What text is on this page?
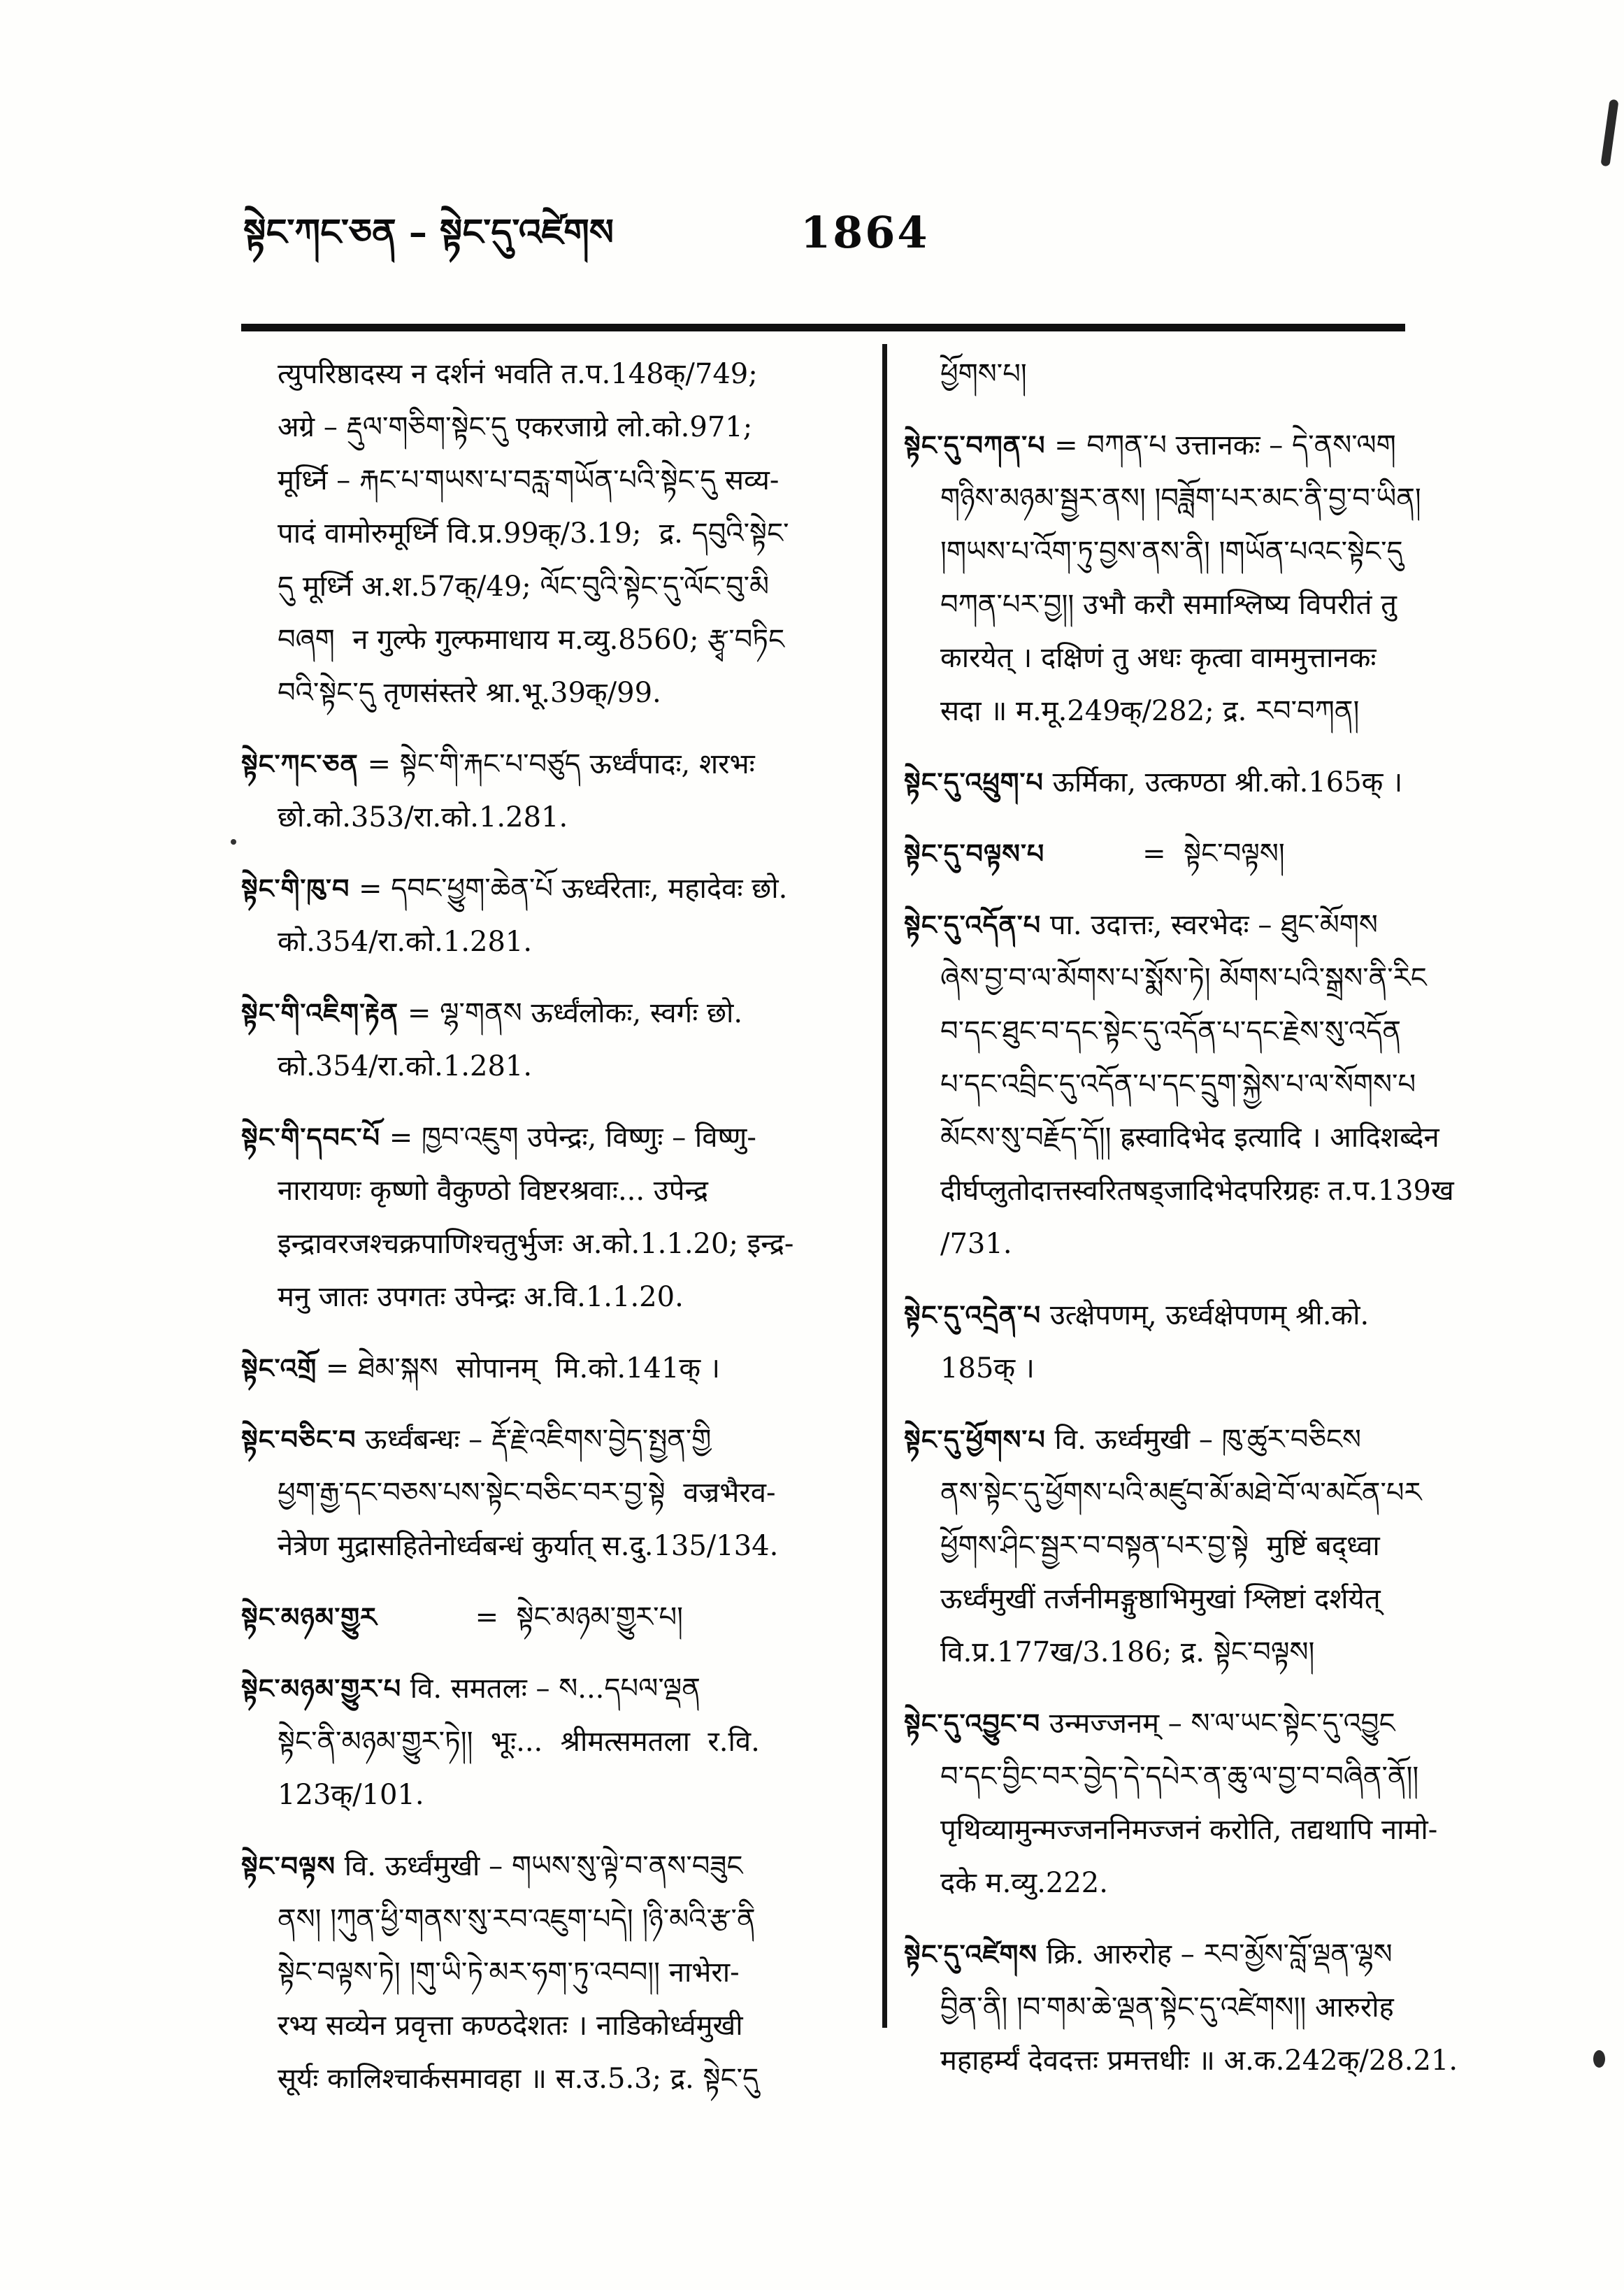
སྟེང་ཀང་ཅན – སྟེང་དུ་འཛེགས	1864
त्युपरिष्ठादस्य न दर्शनं भवति त.प.148क्/749;
अग्रे – རྡུལ་གཅིག་སྟེང་དུ एकरजाग्रे लो.को.971;
मूर्ध्नि – རྐང་པ་གཡས་པ་བརླ་གཡོན་པའི་སྟེང་དུ सव्य-
पादं वामोरुमूर्ध्नि वि.प्र.99क्/3.19;  द्र. དབུའི་སྟེང་
དུ मूर्ध्नि अ.श.57क्/49; ལོང་བུའི་སྟེང་དུ་ལོང་བུ་མི
བཞག  न गुल्फे गुल्फमाधाय म.व्यु.8560; རྩྭ་བཏིང
བའི་སྟེང་དུ तृणसंस्तरे श्रा.भू.39क्/99.
སྟེང་ཀང་ཅན = སྟེང་གི་རྐང་པ་བཙུད ऊर्ध्वंपादः, शरभः
छो.को.353/रा.को.1.281.
སྟེང་གི་ཁུ་བ = དབང་ཕྱུག་ཆེན་པོ ऊर्ध्वरेताः, महादेवः छो.
को.354/रा.को.1.281.
སྟེང་གི་འཇིག་རྟེན = ལྷ་གནས ऊर्ध्वंलोकः, स्वर्गः छो.
को.354/रा.को.1.281.
སྟེང་གི་དབང་པོ = ཁྱབ་འཇུག उपेन्द्रः, विष्णुः – विष्णु-
नारायणः कृष्णो वैकुण्ठो विष्टरश्रवाः... उपेन्द्र
इन्द्रावरजश्चक्रपाणिश्चतुर्भुजः अ.को.1.1.20; इन्द्र-
मनु जातः उपगतः उपेन्द्रः अ.वि.1.1.20.
སྟེང་འགྲོ = ཐེམ་སྐས  सोपानम्  मि.को.141क् ।
སྟེང་བཅིང་བ ऊर्ध्वंबन्धः – རྡོ་རྗེ་འཇིགས་བྱེད་སྤྱན་གྱི
ཕྱག་རྒྱ་དང་བཅས་པས་སྟེང་བཅིང་བར་བྱ་སྟེ  वज्रभैरव-
नेत्रेण मुद्रासहितेनोर्ध्वबन्धं कुर्यात् स.दु.135/134.
སྟེང་མཉམ་གྱུར           =  སྟེང་མཉམ་གྱུར་པ།
སྟེང་མཉམ་གྱུར་པ वि. समतलः – ས...དཔལ་ལྡན
སྟེང་ནི་མཉམ་གྱུར་ཏེ།།  भूः...  श्रीमत्समतला  र.वि.
123क्/101.
སྟེང་བལྟས वि. ऊर्ध्वंमुखी – གཡས་སུ་ལྟེ་བ་ནས་བཟུང
ནས། །ཀུན་ཕྱི་གནས་སུ་རབ་འཇུག་པདེ། །ཉི་མའི་རྩ་ནི
སྟེང་བལྟས་ཏེ། །གུ་ཡི་ཏེ་མར་ཧག་ཏུ་འབབ།། नाभेरा-
रभ्य सव्येन प्रवृत्ता कण्ठदेशतः । नाडिकोर्ध्वमुखी
सूर्यः कालिश्चार्कसमावहा ॥ स.उ.5.3; द्र. སྟེང་དུ
ཕྱོགས་པ།
སྟེང་དུ་བཀན་པ = བཀན་པ उत्तानकः – དེ་ནས་ལག
གཉིས་མཉམ་སྦྱར་ནས། །བཟློག་པར་མང་ནི་བྱ་བ་ཡིན།
།གཡས་པ་འོག་ཏུ་བྱས་ནས་ནི། །གཡོན་པའང་སྟེང་དུ
བཀན་པར་བྱ།། उभौ करौ समाश्लिष्य विपरीतं तु
कारयेत् । दक्षिणं तु अधः कृत्वा वाममुत्तानकः
सदा ॥ म.मू.249क्/282; द्र. རབ་བཀན།
སྟེང་དུ་འཕྲུག་པ ऊर्मिका, उत्कण्ठा श्री.को.165क् ।
སྟེང་དུ་བལྟས་པ           =  སྟེང་བལྟས།
སྟེང་དུ་འདོན་པ पा. उदात्तः, स्वरभेदः – ཐུང་མོགས
ཞེས་བྱ་བ་ལ་མོགས་པ་སྨོས་ཏེ། མོགས་པའི་སྒྲས་ནི་རིང
བ་དང་ཐུང་བ་དང་སྟེང་དུ་འདོན་པ་དང་རྗེས་སུ་འདོན
པ་དང་འབྲིང་དུ་འདོན་པ་དང་དྲུག་སྐྱེས་པ་ལ་སོགས་པ
མོངས་སུ་བརྗོད་དོ།། ह्रस्वादिभेद इत्यादि । आदिशब्देन
दीर्घप्लुतोदात्तस्वरितषड्जादिभेदपरिग्रहः त.प.139ख
/731.
སྟེང་དུ་འདྲེན་པ उत्क्षेपणम्, ऊर्ध्वक्षेपणम् श्री.को.
185क् ।
སྟེང་དུ་ཕྱོགས་པ वि. ऊर्ध्वमुखी – ཁུ་ཚུར་བཅིངས
ནས་སྟེང་དུ་ཕྱོགས་པའི་མཛུབ་མོ་མཐེ་བོ་ལ་མངོན་པར
ཕྱོགས་ཤིང་སྦྱར་བ་བསྟན་པར་བྱ་སྟེ  मुष्टिं बद्ध्वा
ऊर्ध्वंमुखीं तर्जनीमङ्गुष्ठाभिमुखां श्लिष्टां दर्शयेत्
वि.प्र.177ख/3.186; द्र. སྟེང་བལྟས།
སྟེང་དུ་འབྱུང་བ उन्मज्जनम् – ས་ལ་ཡང་སྟེང་དུ་འབྱུང
བ་དང་བྱིང་བར་བྱེད་དེ་དཔེར་ན་ཆུ་ལ་བྱ་བ་བཞིན་ནོ།།
पृथिव्यामुन्मज्जननिमज्जनं करोति, तद्यथापि नामो-
दके म.व्यु.222.
སྟེང་དུ་འཛེགས क्रि. आरुरोह – རབ་མྱོས་བློ་ལྡན་ལྷས
བྱིན་ནི། །བ་གམ་ཆེ་ལྡན་སྟེང་དུ་འཛེགས།། आरुरोह
महाहर्म्यं देवदत्तः प्रमत्तधीः ॥ अ.क.242क्/28.21.
